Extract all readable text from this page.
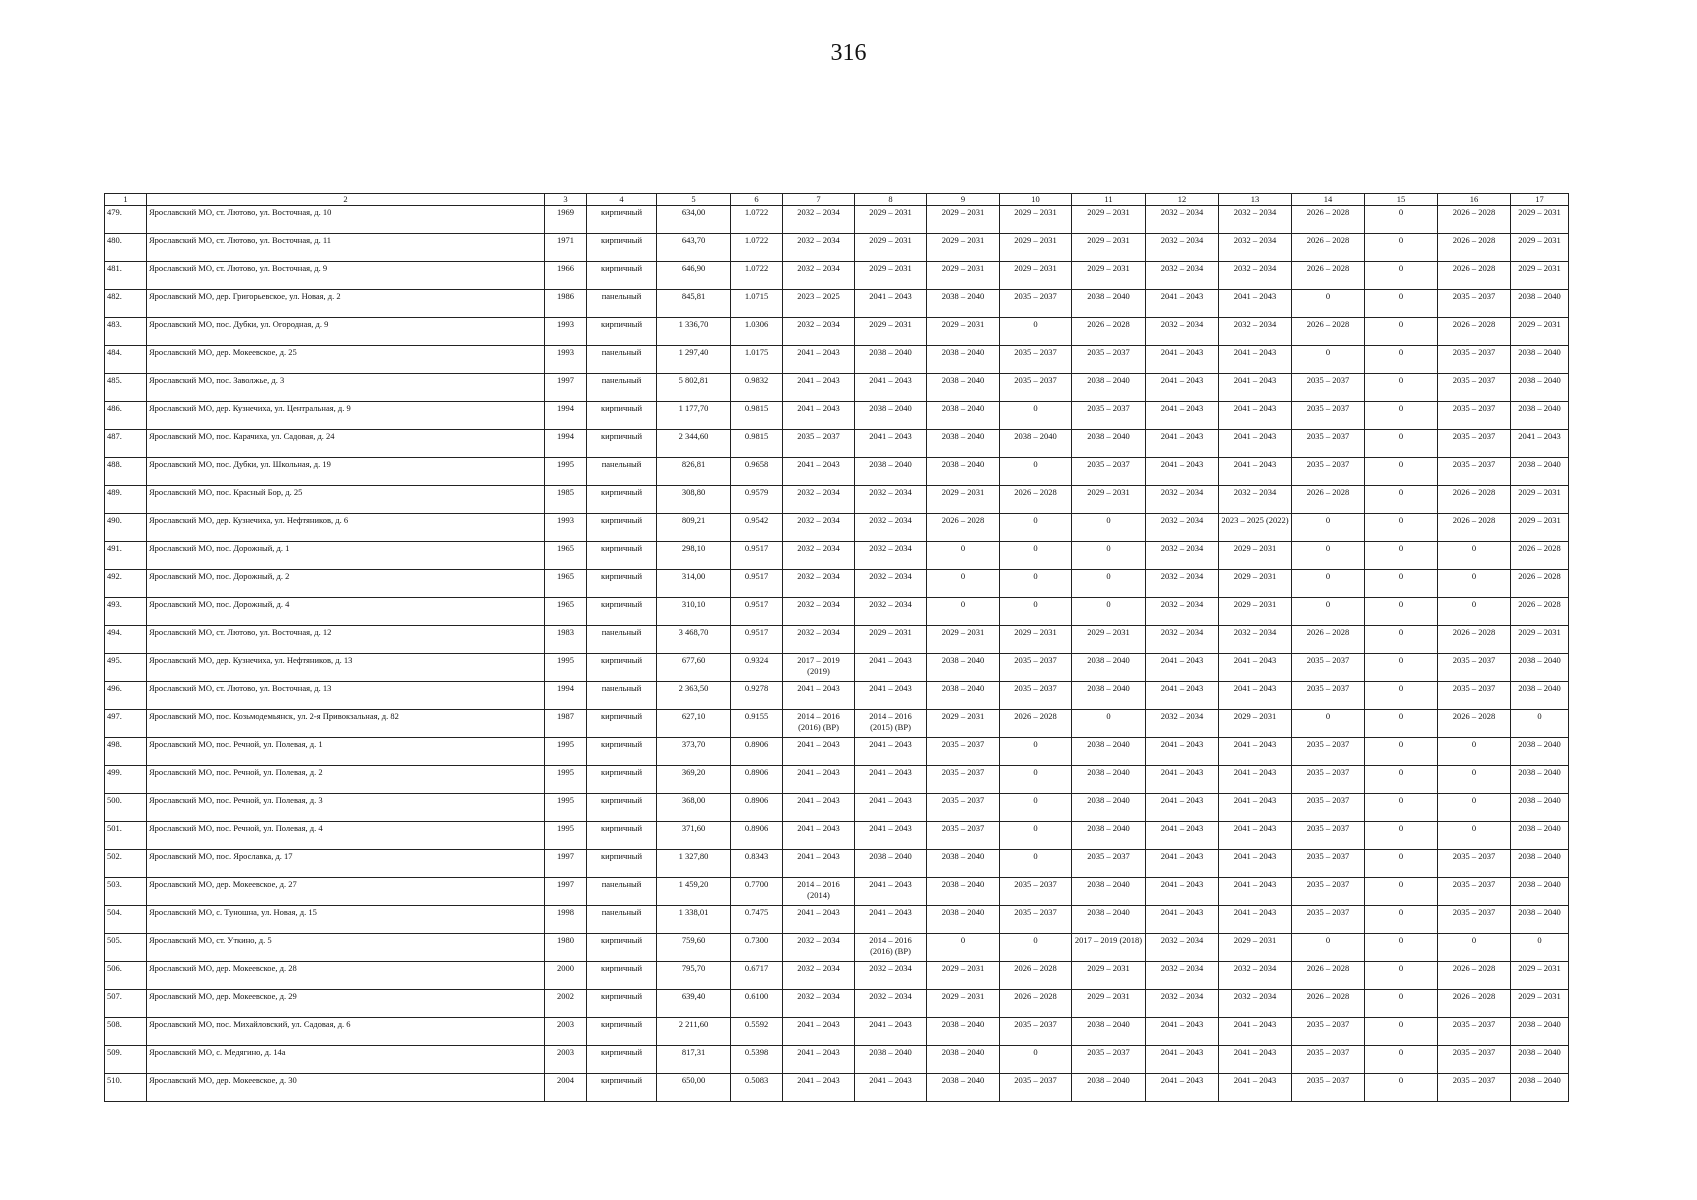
316
1	2	3	4	5	6	7	8	9	10	11	12	13	14	15	16	17
479.	Ярославский МО, ст. Лютово, ул. Восточная, д. 10	1969	кирпичный	634,00	1.0722	2032 – 2034	2029 – 2031	2029 – 2031	2029 – 2031	2029 – 2031	2032 – 2034	2032 – 2034	2026 – 2028	0	2026 – 2028	2029 – 2031
480.	Ярославский МО, ст. Лютово, ул. Восточная, д. 11	1971	кирпичный	643,70	1.0722	2032 – 2034	2029 – 2031	2029 – 2031	2029 – 2031	2029 – 2031	2032 – 2034	2032 – 2034	2026 – 2028	0	2026 – 2028	2029 – 2031
481.	Ярославский МО, ст. Лютово, ул. Восточная, д. 9	1966	кирпичный	646,90	1.0722	2032 – 2034	2029 – 2031	2029 – 2031	2029 – 2031	2029 – 2031	2032 – 2034	2032 – 2034	2026 – 2028	0	2026 – 2028	2029 – 2031
482.	Ярославский МО, дер. Григорьевское, ул. Новая, д. 2	1986	панельный	845,81	1.0715	2023 – 2025	2041 – 2043	2038 – 2040	2035 – 2037	2038 – 2040	2041 – 2043	2041 – 2043	0	0	2035 – 2037	2038 – 2040
483.	Ярославский МО, пос. Дубки, ул. Огородная, д. 9	1993	кирпичный	1 336,70	1.0306	2032 – 2034	2029 – 2031	2029 – 2031	0	2026 – 2028	2032 – 2034	2032 – 2034	2026 – 2028	0	2026 – 2028	2029 – 2031
484.	Ярославский МО, дер. Мокеевское, д. 25	1993	панельный	1 297,40	1.0175	2041 – 2043	2038 – 2040	2038 – 2040	2035 – 2037	2035 – 2037	2041 – 2043	2041 – 2043	0	0	2035 – 2037	2038 – 2040
485.	Ярославский МО, пос. Заволжье, д. 3	1997	панельный	5 802,81	0.9832	2041 – 2043	2041 – 2043	2038 – 2040	2035 – 2037	2038 – 2040	2041 – 2043	2041 – 2043	2035 – 2037	0	2035 – 2037	2038 – 2040
486.	Ярославский МО, дер. Кузнечиха, ул. Центральная, д. 9	1994	кирпичный	1 177,70	0.9815	2041 – 2043	2038 – 2040	2038 – 2040	0	2035 – 2037	2041 – 2043	2041 – 2043	2035 – 2037	0	2035 – 2037	2038 – 2040
487.	Ярославский МО, пос. Карачиха, ул. Садовая, д. 24	1994	кирпичный	2 344,60	0.9815	2035 – 2037	2041 – 2043	2038 – 2040	2038 – 2040	2038 – 2040	2041 – 2043	2041 – 2043	2035 – 2037	0	2035 – 2037	2041 – 2043
488.	Ярославский МО, пос. Дубки, ул. Школьная, д. 19	1995	панельный	826,81	0.9658	2041 – 2043	2038 – 2040	2038 – 2040	0	2035 – 2037	2041 – 2043	2041 – 2043	2035 – 2037	0	2035 – 2037	2038 – 2040
489.	Ярославский МО, пос. Красный Бор, д. 25	1985	кирпичный	308,80	0.9579	2032 – 2034	2032 – 2034	2029 – 2031	2026 – 2028	2029 – 2031	2032 – 2034	2032 – 2034	2026 – 2028	0	2026 – 2028	2029 – 2031
490.	Ярославский МО, дер. Кузнечиха, ул. Нефтяников, д. 6	1993	кирпичный	809,21	0.9542	2032 – 2034	2032 – 2034	2026 – 2028	0	0	2032 – 2034	2023 – 2025 (2022)	0	0	2026 – 2028	2029 – 2031
491.	Ярославский МО, пос. Дорожный, д. 1	1965	кирпичный	298,10	0.9517	2032 – 2034	2032 – 2034	0	0	0	2032 – 2034	2029 – 2031	0	0	0	2026 – 2028
492.	Ярославский МО, пос. Дорожный, д. 2	1965	кирпичный	314,00	0.9517	2032 – 2034	2032 – 2034	0	0	0	2032 – 2034	2029 – 2031	0	0	0	2026 – 2028
493.	Ярославский МО, пос. Дорожный, д. 4	1965	кирпичный	310,10	0.9517	2032 – 2034	2032 – 2034	0	0	0	2032 – 2034	2029 – 2031	0	0	0	2026 – 2028
494.	Ярославский МО, ст. Лютово, ул. Восточная, д. 12	1983	панельный	3 468,70	0.9517	2032 – 2034	2029 – 2031	2029 – 2031	2029 – 2031	2029 – 2031	2032 – 2034	2032 – 2034	2026 – 2028	0	2026 – 2028	2029 – 2031
495.	Ярославский МО, дер. Кузнечиха, ул. Нефтяников, д. 13	1995	кирпичный	677,60	0.9324	2017 – 2019 (2019)	2041 – 2043	2038 – 2040	2035 – 2037	2038 – 2040	2041 – 2043	2041 – 2043	2035 – 2037	0	2035 – 2037	2038 – 2040
496.	Ярославский МО, ст. Лютово, ул. Восточная, д. 13	1994	панельный	2 363,50	0.9278	2041 – 2043	2041 – 2043	2038 – 2040	2035 – 2037	2038 – 2040	2041 – 2043	2041 – 2043	2035 – 2037	0	2035 – 2037	2038 – 2040
497.	Ярославский МО, пос. Козьмодемьянск, ул. 2-я Привокзальная, д. 82	1987	кирпичный	627,10	0.9155	2014 – 2016 (2016) (ВР)	2014 – 2016 (2015) (ВР)	2029 – 2031	2026 – 2028	0	2032 – 2034	2029 – 2031	0	0	2026 – 2028	0
498.	Ярославский МО, пос. Речной, ул. Полевая, д. 1	1995	кирпичный	373,70	0.8906	2041 – 2043	2041 – 2043	2035 – 2037	0	2038 – 2040	2041 – 2043	2041 – 2043	2035 – 2037	0	0	2038 – 2040
499.	Ярославский МО, пос. Речной, ул. Полевая, д. 2	1995	кирпичный	369,20	0.8906	2041 – 2043	2041 – 2043	2035 – 2037	0	2038 – 2040	2041 – 2043	2041 – 2043	2035 – 2037	0	0	2038 – 2040
500.	Ярославский МО, пос. Речной, ул. Полевая, д. 3	1995	кирпичный	368,00	0.8906	2041 – 2043	2041 – 2043	2035 – 2037	0	2038 – 2040	2041 – 2043	2041 – 2043	2035 – 2037	0	0	2038 – 2040
501.	Ярославский МО, пос. Речной, ул. Полевая, д. 4	1995	кирпичный	371,60	0.8906	2041 – 2043	2041 – 2043	2035 – 2037	0	2038 – 2040	2041 – 2043	2041 – 2043	2035 – 2037	0	0	2038 – 2040
502.	Ярославский МО, пос. Ярославка, д. 17	1997	кирпичный	1 327,80	0.8343	2041 – 2043	2038 – 2040	2038 – 2040	0	2035 – 2037	2041 – 2043	2041 – 2043	2035 – 2037	0	2035 – 2037	2038 – 2040
503.	Ярославский МО, дер. Мокеевское, д. 27	1997	панельный	1 459,20	0.7700	2014 – 2016 (2014)	2041 – 2043	2038 – 2040	2035 – 2037	2038 – 2040	2041 – 2043	2041 – 2043	2035 – 2037	0	2035 – 2037	2038 – 2040
504.	Ярославский МО, с. Туношна, ул. Новая, д. 15	1998	панельный	1 338,01	0.7475	2041 – 2043	2041 – 2043	2038 – 2040	2035 – 2037	2038 – 2040	2041 – 2043	2041 – 2043	2035 – 2037	0	2035 – 2037	2038 – 2040
505.	Ярославский МО, ст. Уткино, д. 5	1980	кирпичный	759,60	0.7300	2032 – 2034	2014 – 2016 (2016) (ВР)	0	0	2017 – 2019 (2018)	2032 – 2034	2029 – 2031	0	0	0	0
506.	Ярославский МО, дер. Мокеевское, д. 28	2000	кирпичный	795,70	0.6717	2032 – 2034	2032 – 2034	2029 – 2031	2026 – 2028	2029 – 2031	2032 – 2034	2032 – 2034	2026 – 2028	0	2026 – 2028	2029 – 2031
507.	Ярославский МО, дер. Мокеевское, д. 29	2002	кирпичный	639,40	0.6100	2032 – 2034	2032 – 2034	2029 – 2031	2026 – 2028	2029 – 2031	2032 – 2034	2032 – 2034	2026 – 2028	0	2026 – 2028	2029 – 2031
508.	Ярославский МО, пос. Михайловский, ул. Садовая, д. 6	2003	кирпичный	2 211,60	0.5592	2041 – 2043	2041 – 2043	2038 – 2040	2035 – 2037	2038 – 2040	2041 – 2043	2041 – 2043	2035 – 2037	0	2035 – 2037	2038 – 2040
509.	Ярославский МО, с. Медягино, д. 14а	2003	кирпичный	817,31	0.5398	2041 – 2043	2038 – 2040	2038 – 2040	0	2035 – 2037	2041 – 2043	2041 – 2043	2035 – 2037	0	2035 – 2037	2038 – 2040
510.	Ярославский МО, дер. Мокеевское, д. 30	2004	кирпичный	650,00	0.5083	2041 – 2043	2041 – 2043	2038 – 2040	2035 – 2037	2038 – 2040	2041 – 2043	2041 – 2043	2035 – 2037	0	2035 – 2037	2038 – 2040
